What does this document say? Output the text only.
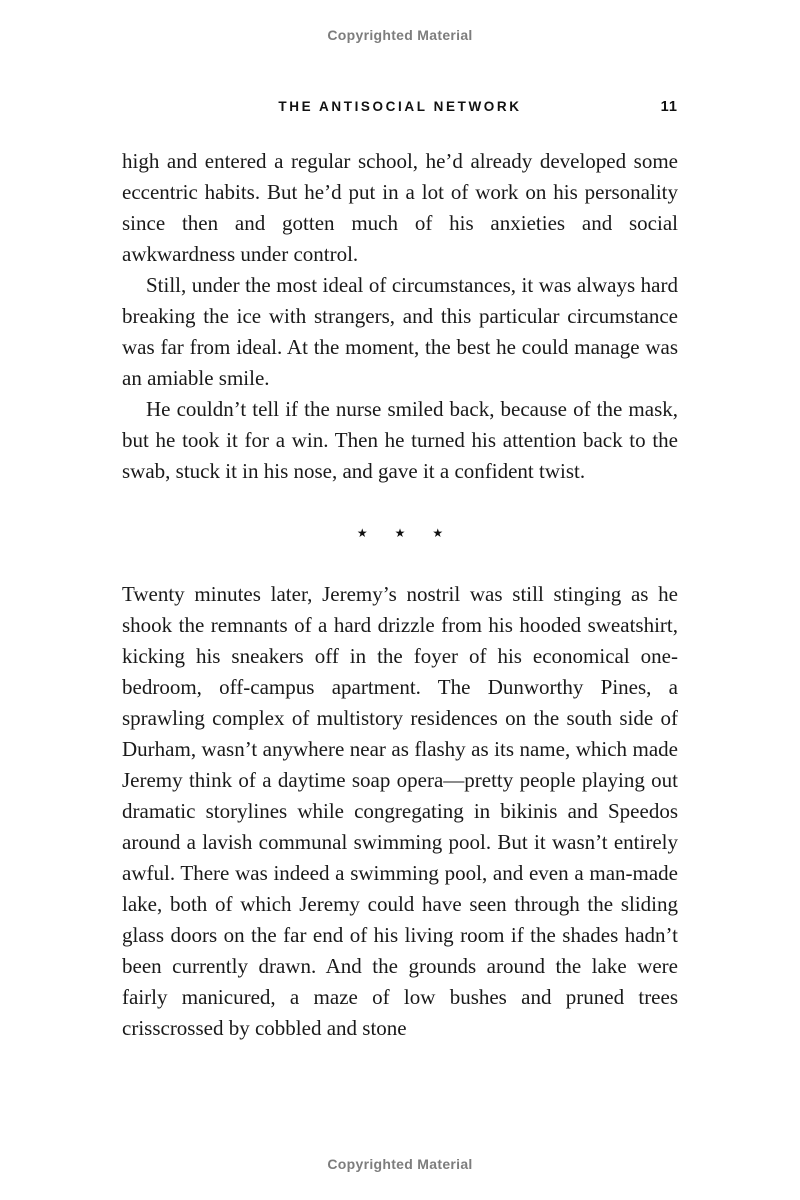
Copyrighted Material
THE ANTISOCIAL NETWORK	11

high and entered a regular school, he’d already developed some eccentric habits. But he’d put in a lot of work on his personality since then and gotten much of his anxieties and social awkwardness under control.

Still, under the most ideal of circumstances, it was always hard breaking the ice with strangers, and this particular circumstance was far from ideal. At the moment, the best he could manage was an amiable smile.

He couldn’t tell if the nurse smiled back, because of the mask, but he took it for a win. Then he turned his attention back to the swab, stuck it in his nose, and gave it a confident twist.

★ ★ ★

Twenty minutes later, Jeremy’s nostril was still stinging as he shook the remnants of a hard drizzle from his hooded sweatshirt, kicking his sneakers off in the foyer of his economical one-bedroom, off-campus apartment. The Dunworthy Pines, a sprawling complex of multistory residences on the south side of Durham, wasn’t anywhere near as flashy as its name, which made Jeremy think of a daytime soap opera—pretty people playing out dramatic storylines while congregating in bikinis and Speedos around a lavish communal swimming pool. But it wasn’t entirely awful. There was indeed a swimming pool, and even a man-made lake, both of which Jeremy could have seen through the sliding glass doors on the far end of his living room if the shades hadn’t been currently drawn. And the grounds around the lake were fairly manicured, a maze of low bushes and pruned trees crisscrossed by cobbled and stone

Copyrighted Material
